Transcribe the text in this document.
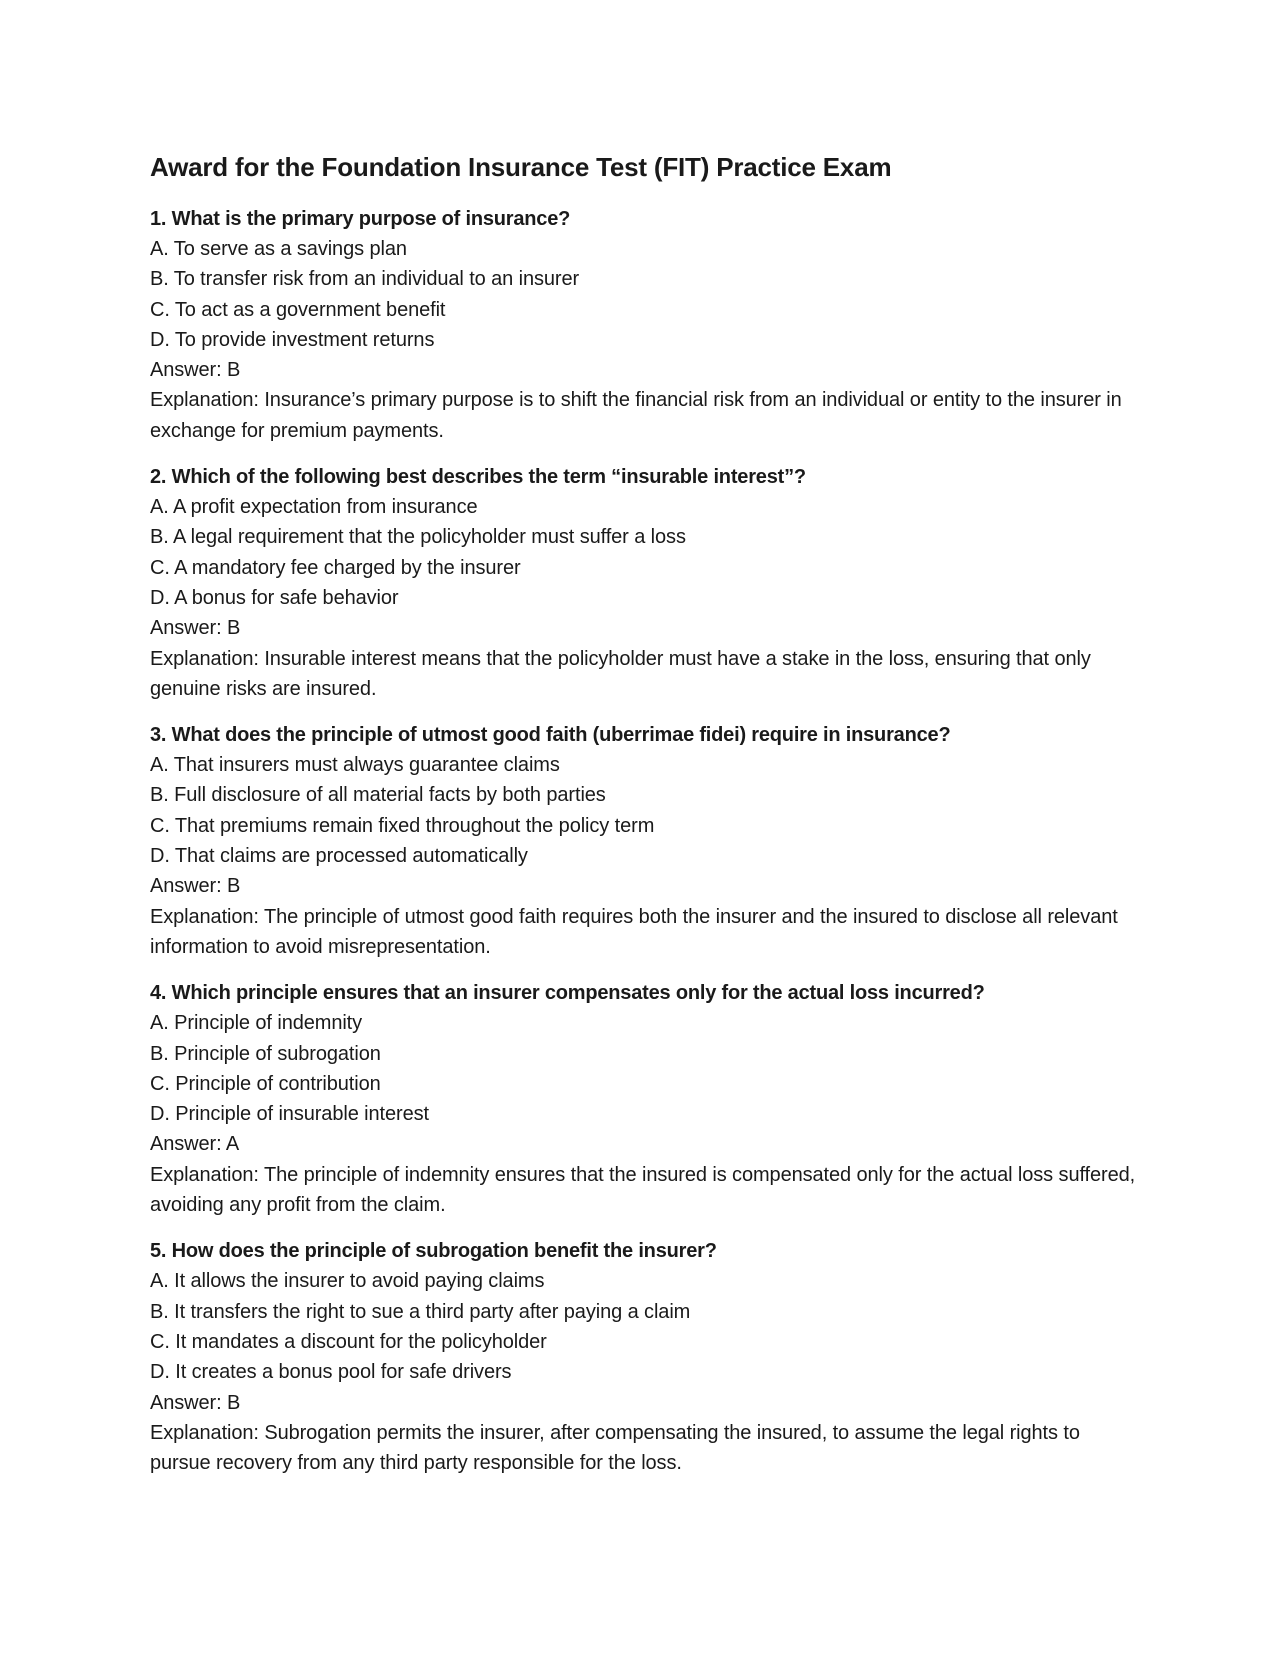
Award for the Foundation Insurance Test (FIT) Practice Exam
1. What is the primary purpose of insurance?
A. To serve as a savings plan
B. To transfer risk from an individual to an insurer
C. To act as a government benefit
D. To provide investment returns
Answer: B
Explanation: Insurance’s primary purpose is to shift the financial risk from an individual or entity to the insurer in exchange for premium payments.
2. Which of the following best describes the term “insurable interest”?
A. A profit expectation from insurance
B. A legal requirement that the policyholder must suffer a loss
C. A mandatory fee charged by the insurer
D. A bonus for safe behavior
Answer: B
Explanation: Insurable interest means that the policyholder must have a stake in the loss, ensuring that only genuine risks are insured.
3. What does the principle of utmost good faith (uberrimae fidei) require in insurance?
A. That insurers must always guarantee claims
B. Full disclosure of all material facts by both parties
C. That premiums remain fixed throughout the policy term
D. That claims are processed automatically
Answer: B
Explanation: The principle of utmost good faith requires both the insurer and the insured to disclose all relevant information to avoid misrepresentation.
4. Which principle ensures that an insurer compensates only for the actual loss incurred?
A. Principle of indemnity
B. Principle of subrogation
C. Principle of contribution
D. Principle of insurable interest
Answer: A
Explanation: The principle of indemnity ensures that the insured is compensated only for the actual loss suffered, avoiding any profit from the claim.
5. How does the principle of subrogation benefit the insurer?
A. It allows the insurer to avoid paying claims
B. It transfers the right to sue a third party after paying a claim
C. It mandates a discount for the policyholder
D. It creates a bonus pool for safe drivers
Answer: B
Explanation: Subrogation permits the insurer, after compensating the insured, to assume the legal rights to pursue recovery from any third party responsible for the loss.
